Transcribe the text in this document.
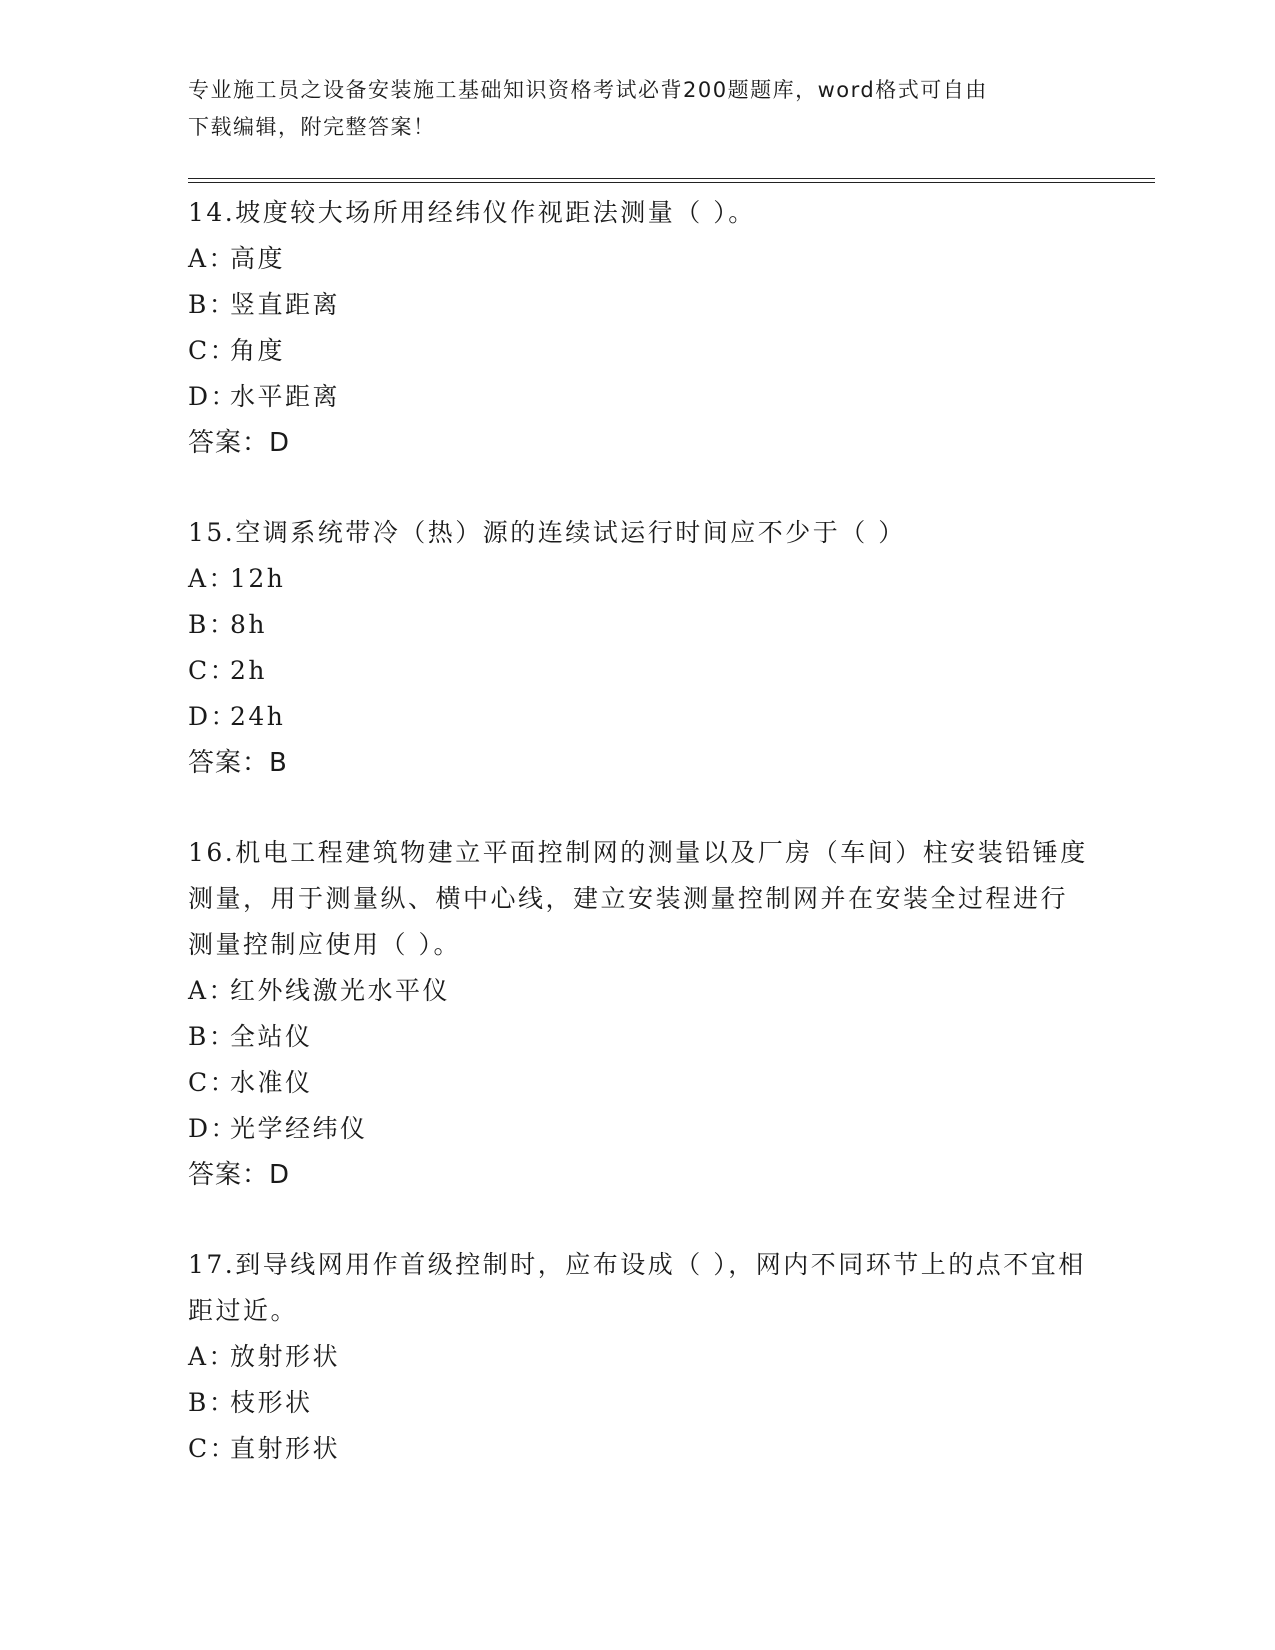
专业施工员之设备安装施工基础知识资格考试必背200题题库，word格式可自由
下载编辑，附完整答案！

14.坡度较大场所用经纬仪作视距法测量（ ）。

A：高度

B：竖直距离

C：角度

D：水平距离

答案：D

15.空调系统带冷（热）源的连续试运行时间应不少于（ ）

A：12h

B：8h

C：2h

D：24h

答案：B

16.机电工程建筑物建立平面控制网的测量以及厂房（车间）柱安装铅锤度测量，用于测量纵、横中心线，建立安装测量控制网并在安装全过程进行测量控制应使用（ ）。

A：红外线激光水平仪

B：全站仪

C：水准仪

D：光学经纬仪

答案：D

17.到导线网用作首级控制时，应布设成（ ），网内不同环节上的点不宜相距过近。

A：放射形状

B：枝形状

C：直射形状
